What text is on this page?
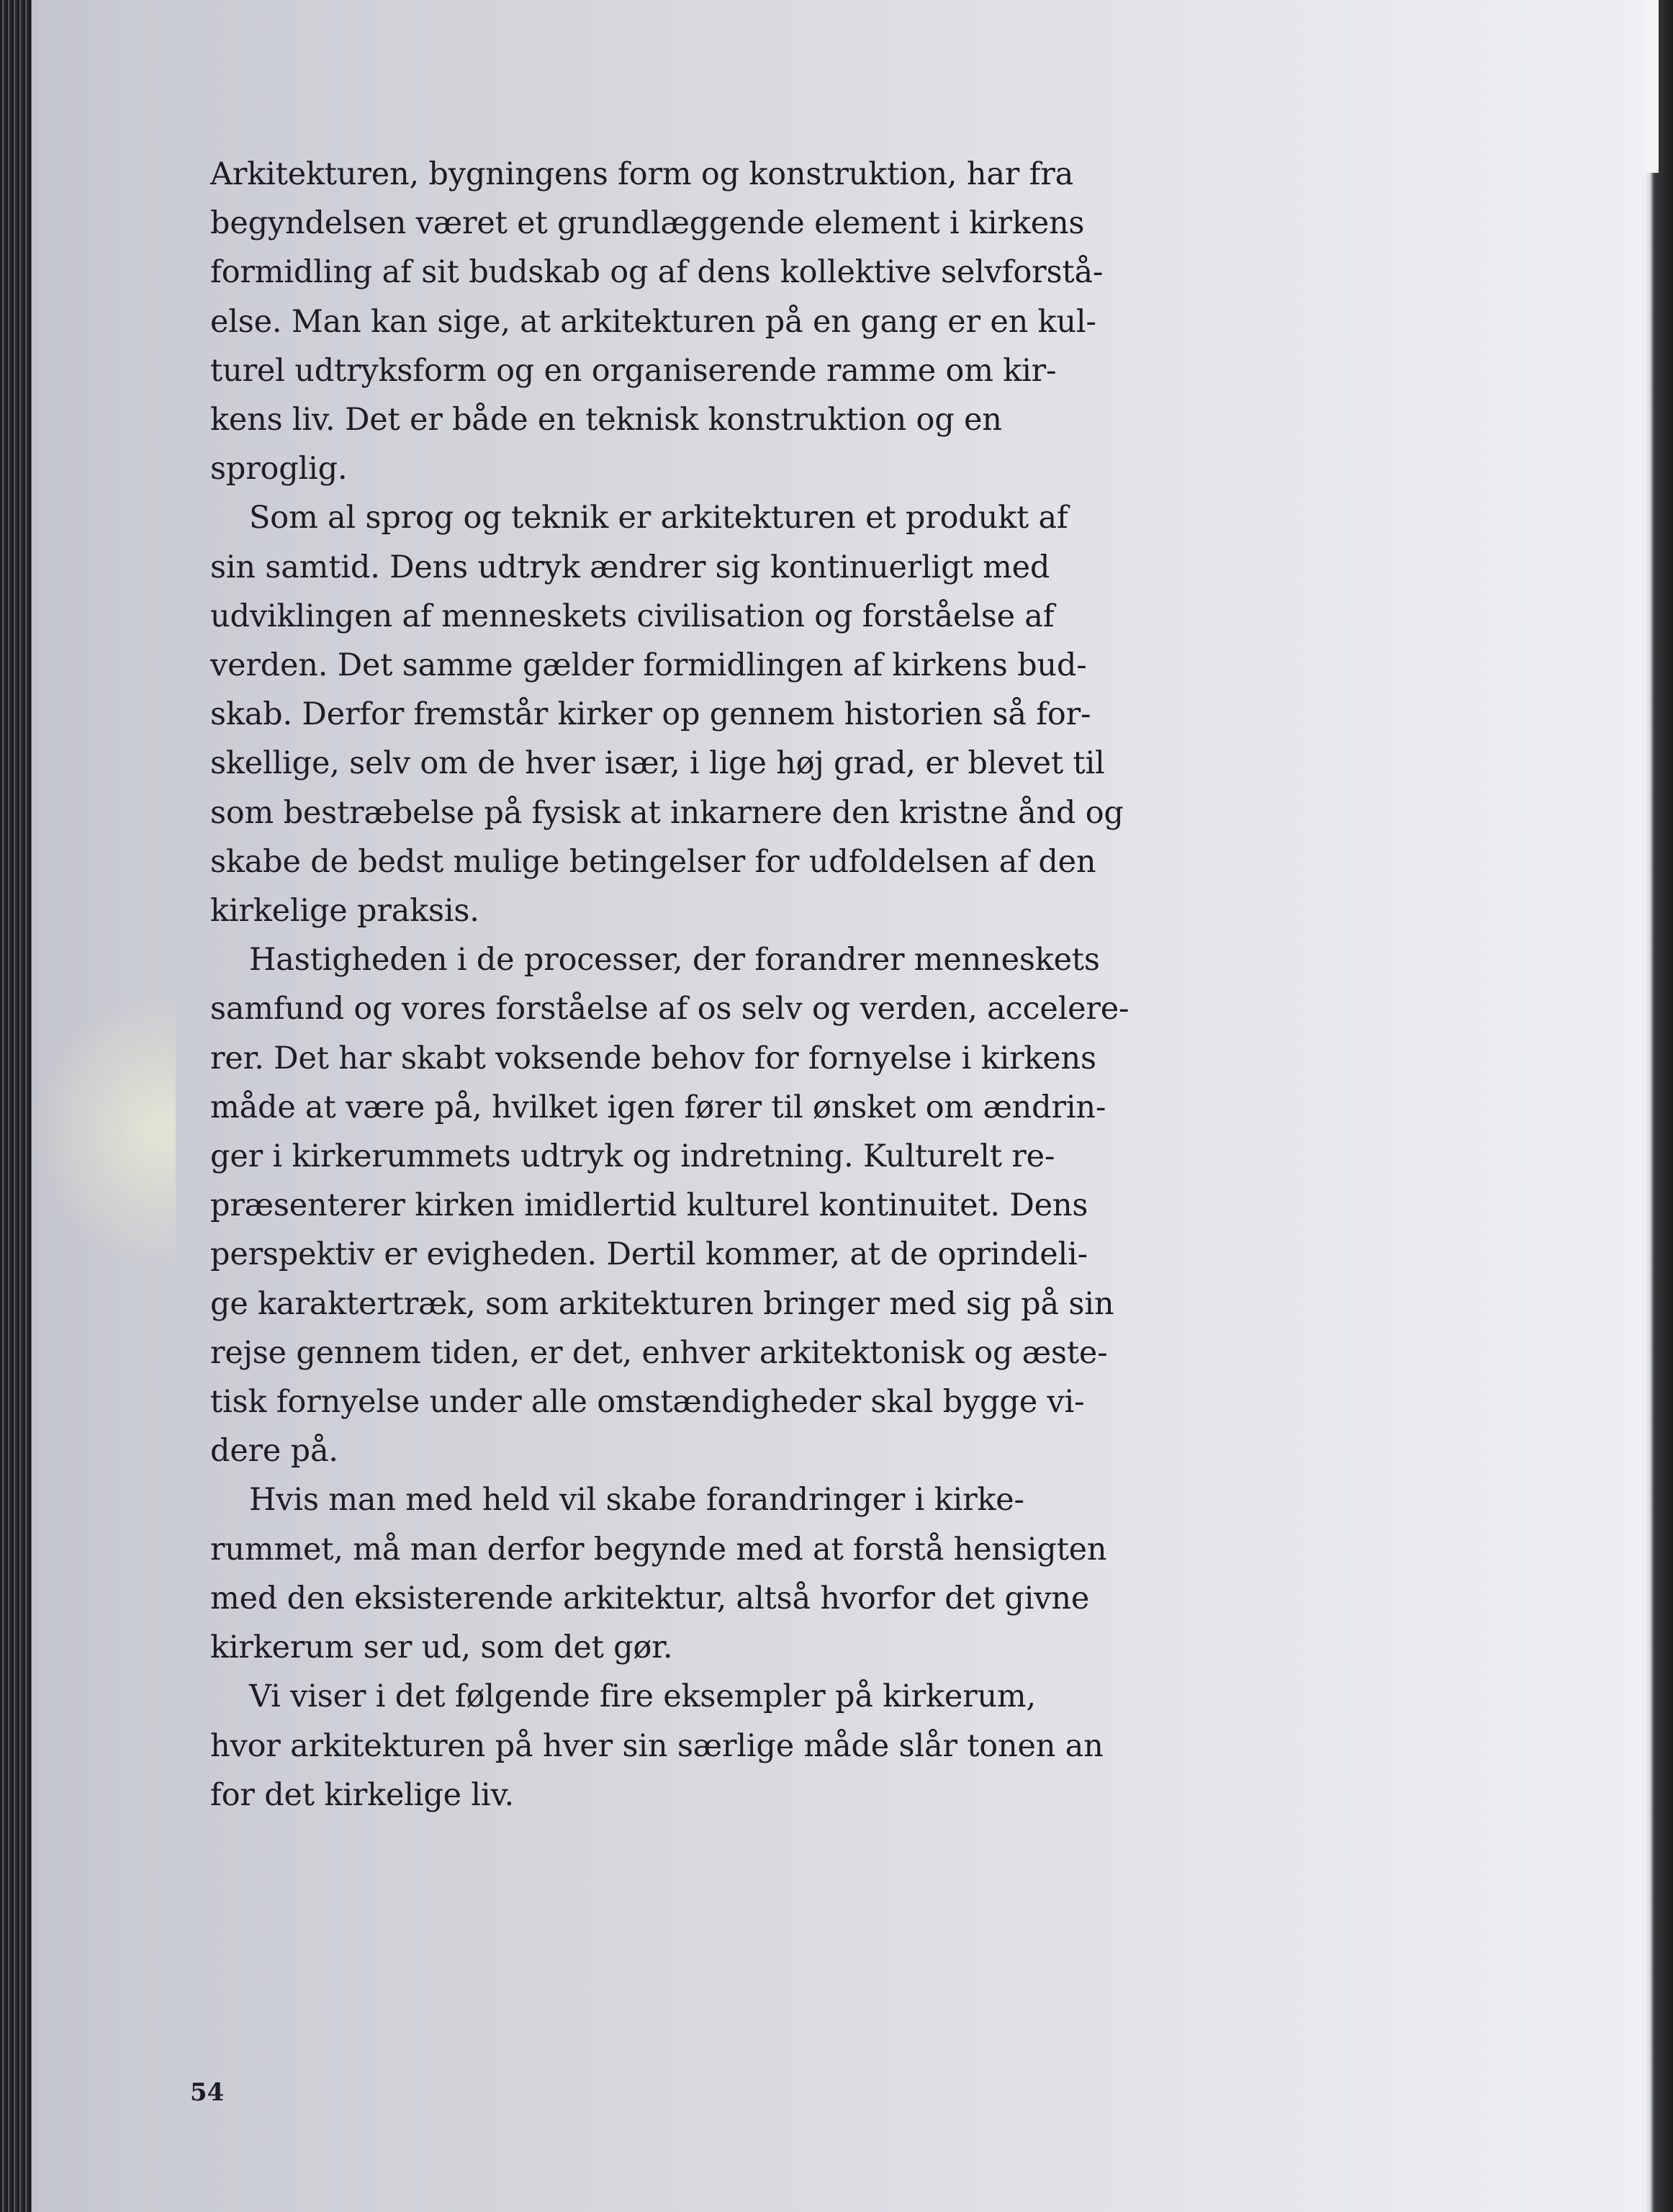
Arkitekturen, bygningens form og konstruktion, har fra
begyndelsen været et grundlæggende element i kirkens
formidling af sit budskab og af dens kollektive selvforstå-
else. Man kan sige, at arkitekturen på en gang er en kul-
turel udtryksform og en organiserende ramme om kir-
kens liv. Det er både en teknisk konstruktion og en
sproglig.

Som al sprog og teknik er arkitekturen et produkt af
sin samtid. Dens udtryk ændrer sig kontinuerligt med
udviklingen af menneskets civilisation og forståelse af
verden. Det samme gælder formidlingen af kirkens bud-
skab. Derfor fremstår kirker op gennem historien så for-
skellige, selv om de hver især, i lige høj grad, er blevet til
som bestræbelse på fysisk at inkarnere den kristne ånd og
skabe de bedst mulige betingelser for udfoldelsen af den
kirkelige praksis.

Hastigheden i de processer, der forandrer menneskets
samfund og vores forståelse af os selv og verden, accelere-
rer. Det har skabt voksende behov for fornyelse i kirkens
måde at være på, hvilket igen fører til ønsket om ændrin-
ger i kirkerummets udtryk og indretning. Kulturelt re-
præsenterer kirken imidlertid kulturel kontinuitet. Dens
perspektiv er evigheden. Dertil kommer, at de oprindeli-
ge karaktertræk, som arkitekturen bringer med sig på sin
rejse gennem tiden, er det, enhver arkitektonisk og æste-
tisk fornyelse under alle omstændigheder skal bygge vi-
dere på.

Hvis man med held vil skabe forandringer i kirke-
rummet, må man derfor begynde med at forstå hensigten
med den eksisterende arkitektur, altså hvorfor det givne
kirkerum ser ud, som det gør.

Vi viser i det følgende fire eksempler på kirkerum,
hvor arkitekturen på hver sin særlige måde slår tonen an
for det kirkelige liv.

54
